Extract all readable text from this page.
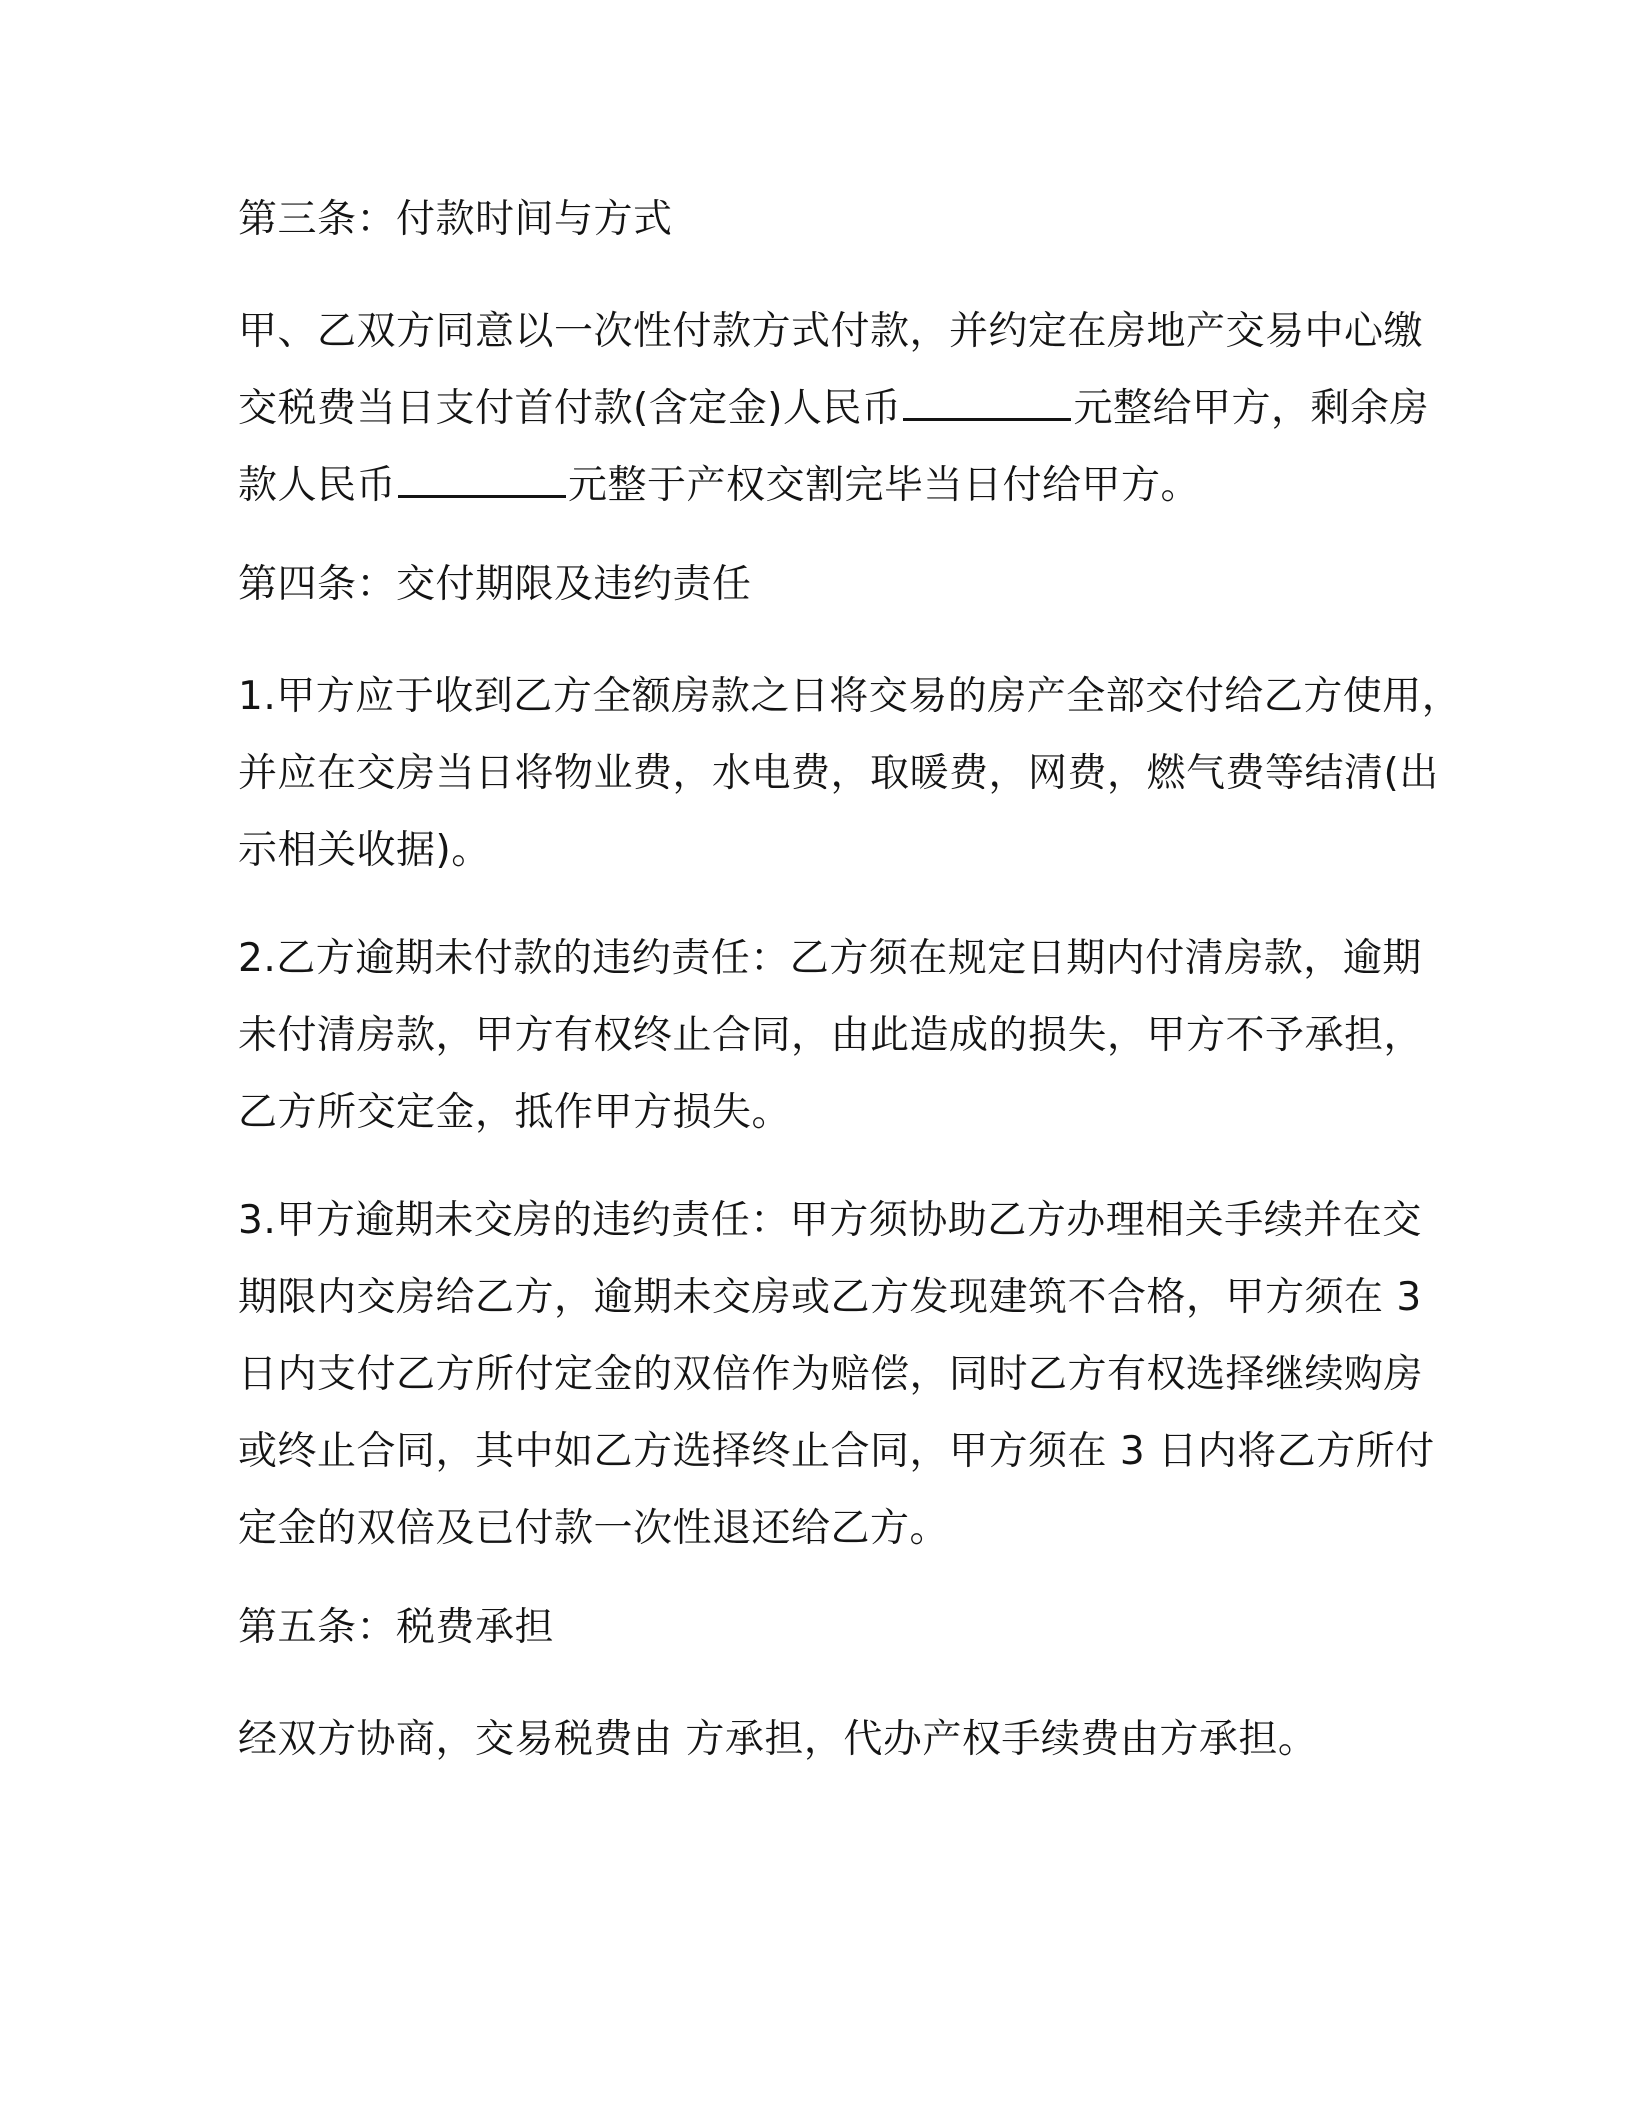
第三条：付款时间与方式
甲、乙双方同意以一次性付款方式付款，并约定在房地产交易中心缴
交税费当日支付首付款(含定金)人民币	元整给甲方，剩余房
款人民币	元整于产权交割完毕当日付给甲方。
第四条：交付期限及违约责任
1.甲方应于收到乙方全额房款之日将交易的房产全部交付给乙方使用，
并应在交房当日将物业费，水电费，取暖费，网费，燃气费等结清(出
示相关收据)。
2.乙方逾期未付款的违约责任：乙方须在规定日期内付清房款，逾期
未付清房款，甲方有权终止合同，由此造成的损失，甲方不予承担，
乙方所交定金，抵作甲方损失。
3.甲方逾期未交房的违约责任：甲方须协助乙方办理相关手续并在交
期限内交房给乙方，逾期未交房或乙方发现建筑不合格，甲方须在 3
日内支付乙方所付定金的双倍作为赔偿，同时乙方有权选择继续购房
或终止合同，其中如乙方选择终止合同，甲方须在 3 日内将乙方所付
定金的双倍及已付款一次性退还给乙方。
第五条：税费承担
经双方协商，交易税费由 方承担，代办产权手续费由方承担。
